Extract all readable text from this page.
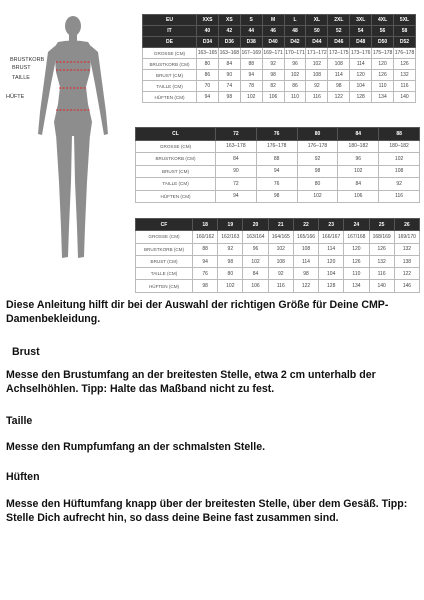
BRUSTKORB
BRUST
TAILLE
HÜFTE
EU	XXS	XS	S	M	L	XL	2XL	3XL	4XL	5XL
IT	40	42	44	46	48	50	52	54	56	58
DE	D34	D36	D38	D40	D42	D44	D46	D48	D50	D52
GROSSE (CM)	163–165	163–168	167–169	169–171	170–171	171–172	172–175	173–176	175–178	176–178
BRUSTKORB (CM)	80	84	88	92	96	102	108	114	120	126
BRUST (CM)	86	90	94	98	102	108	114	120	126	132
TAILLE (CM)	70	74	78	82	86	92	98	104	110	116
HÜFTEN (CM)	94	98	102	106	110	116	122	128	134	140
CL	72	76	80	84	88
GROSSE (CM)	163–178	176–178	176–178	180–182	180–182
BRUSTKORB (CM)	84	88	92	96	102
BRUST (CM)	90	94	98	102	108
TAILLE (CM)	72	76	80	84	92
HÜFTEN (CM)	94	98	102	106	116
CF	18	19	20	21	22	23	24	25	26
GROSSE (CM)	160/162	162/163	163/164	164/165	165/166	166/167	167/168	168/169	169/170
BRUSTKORB (CM)	88	92	96	102	108	114	120	126	132
BRUST (CM)	94	98	102	108	114	120	126	132	138
TAILLE (CM)	76	80	84	92	98	104	110	116	122
HÜFTEN (CM)	98	102	106	116	122	128	134	140	146
Diese Anleitung hilft dir bei der Auswahl der richtigen Größe für Deine CMP-Damenbekleidung.
Brust
Messe den Brustumfang an der breitesten Stelle, etwa 2 cm unterhalb der Achselhöhlen. Tipp: Halte das Maßband nicht zu fest.
Taille
Messe den Rumpfumfang an der schmalsten Stelle.
Hüften
Messe den Hüftumfang knapp über der breitesten Stelle, über dem Gesäß. Tipp: Stelle Dich aufrecht hin, so dass deine Beine fast zusammen sind.
